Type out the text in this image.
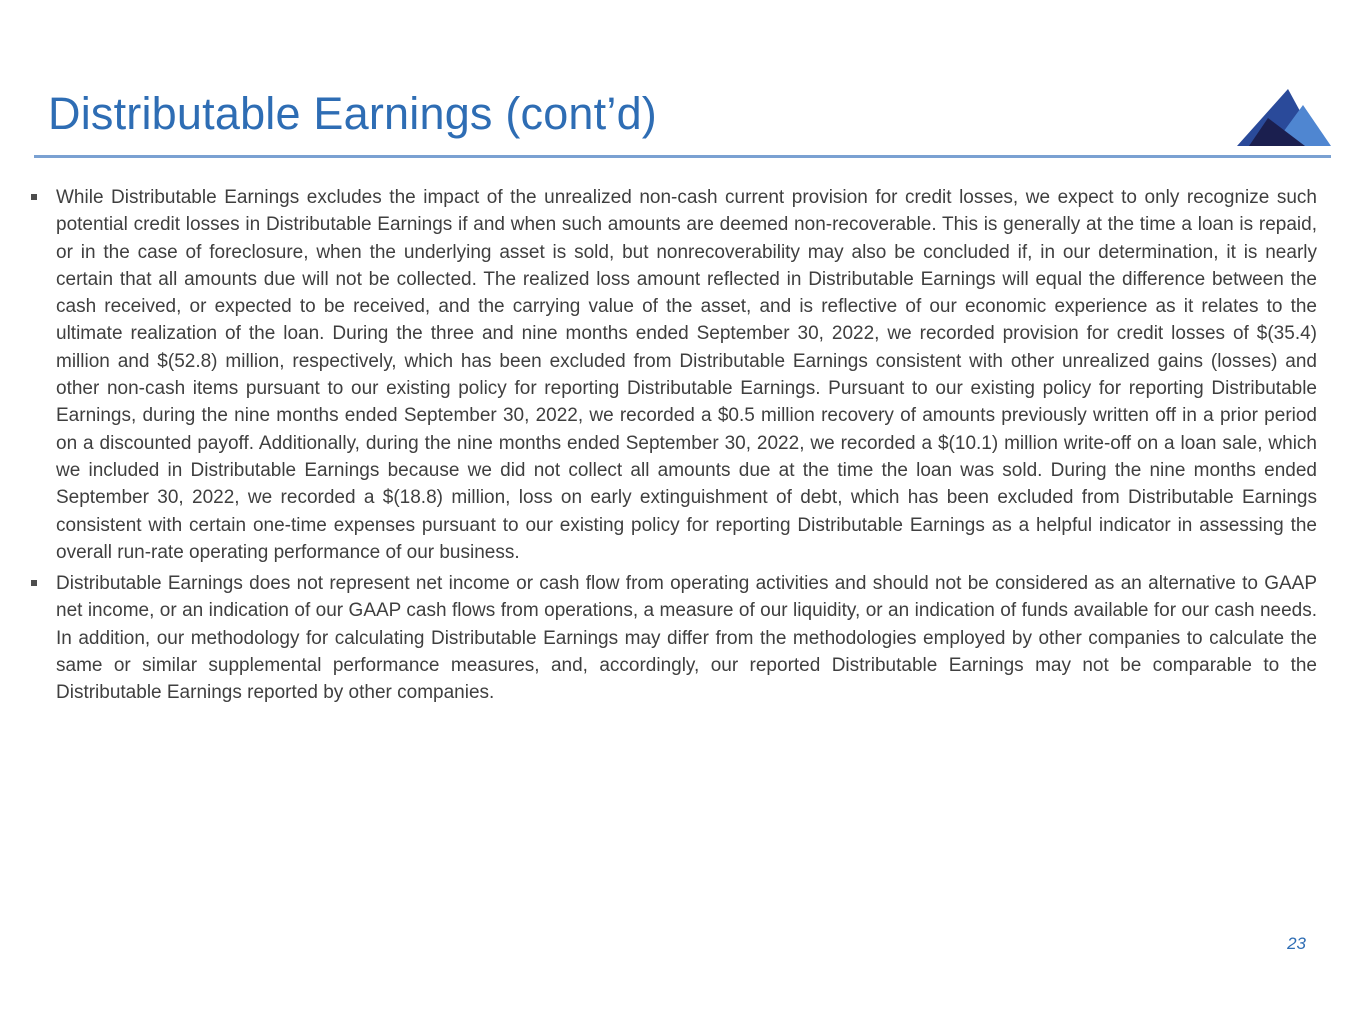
Distributable Earnings (cont’d)

While Distributable Earnings excludes the impact of the unrealized non-cash current provision for credit losses, we expect to only recognize such potential credit losses in Distributable Earnings if and when such amounts are deemed non-recoverable. This is generally at the time a loan is repaid, or in the case of foreclosure, when the underlying asset is sold, but nonrecoverability may also be concluded if, in our determination, it is nearly certain that all amounts due will not be collected. The realized loss amount reflected in Distributable Earnings will equal the difference between the cash received, or expected to be received, and the carrying value of the asset, and is reflective of our economic experience as it relates to the ultimate realization of the loan. During the three and nine months ended September 30, 2022, we recorded provision for credit losses of $(35.4) million and $(52.8) million, respectively, which has been excluded from Distributable Earnings consistent with other unrealized gains (losses) and other non-cash items pursuant to our existing policy for reporting Distributable Earnings. Pursuant to our existing policy for reporting Distributable Earnings, during the nine months ended September 30, 2022, we recorded a $0.5 million recovery of amounts previously written off in a prior period on a discounted payoff. Additionally, during the nine months ended September 30, 2022, we recorded a $(10.1) million write-off on a loan sale, which we included in Distributable Earnings because we did not collect all amounts due at the time the loan was sold. During the nine months ended September 30, 2022, we recorded a $(18.8) million, loss on early extinguishment of debt, which has been excluded from Distributable Earnings consistent with certain one-time expenses pursuant to our existing policy for reporting Distributable Earnings as a helpful indicator in assessing the overall run-rate operating performance of our business.

Distributable Earnings does not represent net income or cash flow from operating activities and should not be considered as an alternative to GAAP net income, or an indication of our GAAP cash flows from operations, a measure of our liquidity, or an indication of funds available for our cash needs. In addition, our methodology for calculating Distributable Earnings may differ from the methodologies employed by other companies to calculate the same or similar supplemental performance measures, and, accordingly, our reported Distributable Earnings may not be comparable to the Distributable Earnings reported by other companies.

23
